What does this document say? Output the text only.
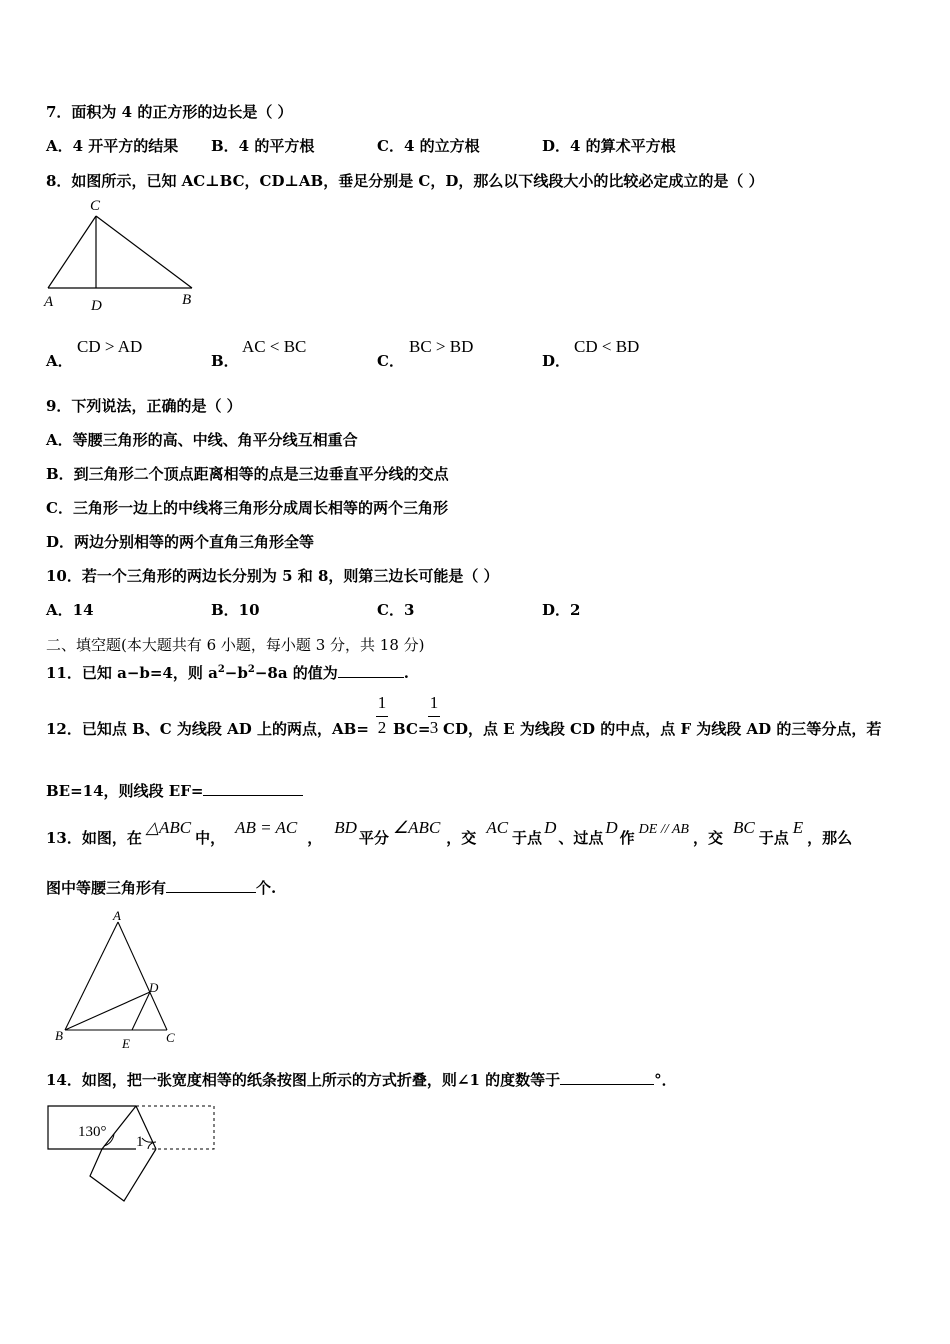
7．面积为 4 的正方形的边长是（ ）
A．4 开平方的结果 B．4 的平方根	C．4 的立方根	D．4 的算术平方根
8．如图所示，已知 AC⊥BC，CD⊥AB，垂足分别是 C，D，那么以下线段大小的比较必定成立的是（ ）
C
A	D	B
A．
CD > AD
B．
AC < BC
C．
BC > BD
D．
CD < BD
9．下列说法，正确的是（ ）
A．等腰三角形的高、中线、角平分线互相重合
B．到三角形二个顶点距离相等的点是三边垂直平分线的交点
C．三角形一边上的中线将三角形分成周长相等的两个三角形
D．两边分别相等的两个直角三角形全等
10．若一个三角形的两边长分别为 5 和 8，则第三边长可能是（ ）
A．14	B．10	C．3	D．2
二、填空题(本大题共有 6 小题，每小题 3 分，共 18 分)
11．已知 a−b=4，则 $a^2-b^2-8a$ 的值为	.
12．已知点 B、C 为线段 AD 上的两点，AB=
1
2 BC=
1
3 CD，点 E 为线段 CD 的中点，点 F 为线段 AD 的三等分点，若
BE=14，则线段 EF=
13．如图，在△ABC中，AB = AC，BD平分∠ABC，交AC于点D、过点D作 DE // AB ，交BC于点E，那么
图中等腰三角形有	个.
A
D
B
E	C
14．如图，把一张宽度相等的纸条按图上所示的方式折叠，则∠1 的度数等于	°．
130°
1
